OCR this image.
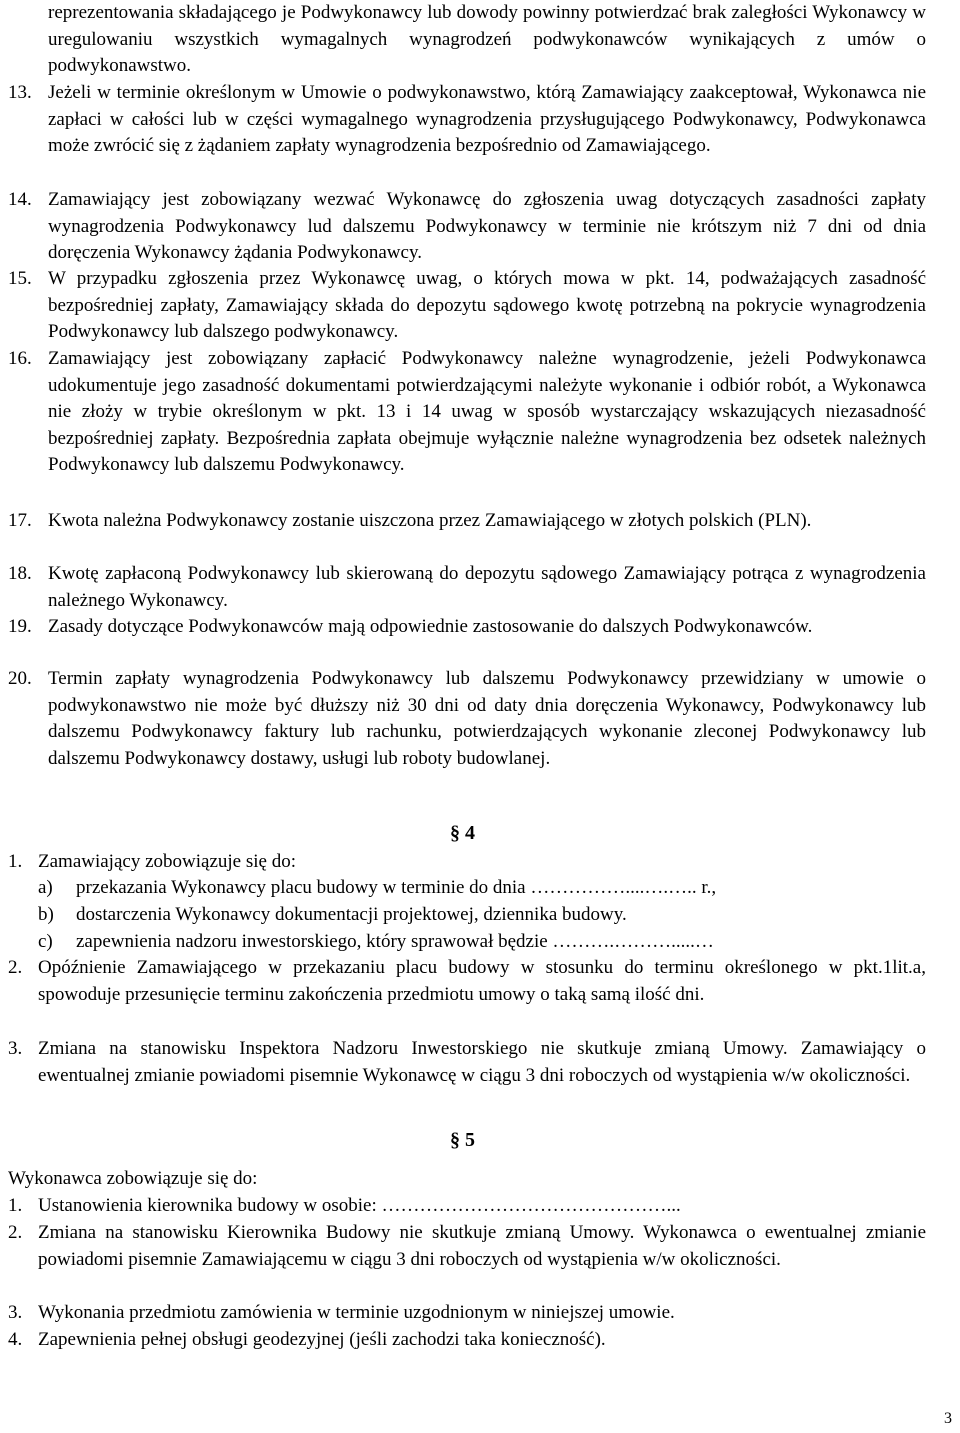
reprezentowania składającego je Podwykonawcy lub dowody powinny potwierdzać brak zaległości Wykonawcy w uregulowaniu wszystkich wymagalnych wynagrodzeń podwykonawców wynikających z umów o podwykonawstwo.
13. Jeżeli w terminie określonym w Umowie o podwykonawstwo, którą Zamawiający zaakceptował, Wykonawca nie zapłaci w całości lub w części wymagalnego wynagrodzenia przysługującego Podwykonawcy, Podwykonawca może zwrócić się z żądaniem zapłaty wynagrodzenia bezpośrednio od Zamawiającego.
14. Zamawiający jest zobowiązany wezwać Wykonawcę do zgłoszenia uwag dotyczących zasadności zapłaty wynagrodzenia Podwykonawcy lud dalszemu Podwykonawcy w terminie nie krótszym niż 7 dni od dnia doręczenia Wykonawcy żądania Podwykonawcy.
15. W przypadku zgłoszenia przez Wykonawcę uwag, o których mowa w pkt. 14, podważających zasadność bezpośredniej zapłaty, Zamawiający składa do depozytu sądowego kwotę potrzebną na pokrycie wynagrodzenia Podwykonawcy lub dalszego podwykonawcy.
16. Zamawiający jest zobowiązany zapłacić Podwykonawcy należne wynagrodzenie, jeżeli Podwykonawca udokumentuje jego zasadność dokumentami potwierdzającymi należyte wykonanie i odbiór robót, a Wykonawca nie złoży w trybie określonym w pkt. 13 i 14 uwag w sposób wystarczający wskazujących niezasadność bezpośredniej zapłaty. Bezpośrednia zapłata obejmuje wyłącznie należne wynagrodzenia bez odsetek należnych Podwykonawcy lub dalszemu Podwykonawcy.
17. Kwota należna Podwykonawcy zostanie uiszczona przez Zamawiającego w złotych polskich (PLN).
18. Kwotę zapłaconą Podwykonawcy lub skierowaną do depozytu sądowego Zamawiający potrąca z wynagrodzenia należnego Wykonawcy.
19. Zasady dotyczące Podwykonawców mają odpowiednie zastosowanie do dalszych Podwykonawców.
20. Termin zapłaty wynagrodzenia Podwykonawcy lub dalszemu Podwykonawcy przewidziany w umowie o podwykonawstwo nie może być dłuższy niż 30 dni od daty dnia doręczenia Wykonawcy, Podwykonawcy lub dalszemu Podwykonawcy faktury lub rachunku, potwierdzających wykonanie zleconej Podwykonawcy lub dalszemu Podwykonawcy dostawy, usługi lub roboty budowlanej.
§ 4
1. Zamawiający zobowiązuje się do:
a) przekazania Wykonawcy placu budowy w terminie do dnia ……………....….….. r.,
b) dostarczenia Wykonawcy dokumentacji projektowej, dziennika budowy.
c) zapewnienia nadzoru inwestorskiego, który sprawował będzie ……….……….....…
2. Opóźnienie Zamawiającego w przekazaniu placu budowy w stosunku do terminu określonego w pkt.1lit.a, spowoduje przesunięcie terminu zakończenia przedmiotu umowy o taką samą ilość dni.
3. Zmiana na stanowisku Inspektora Nadzoru Inwestorskiego nie skutkuje zmianą Umowy. Zamawiający o ewentualnej zmianie powiadomi pisemnie Wykonawcę w ciągu 3 dni roboczych od wystąpienia w/w okoliczności.
§ 5
Wykonawca zobowiązuje się do:
1. Ustanowienia kierownika budowy w osobie: ………………………………………...
2. Zmiana na stanowisku Kierownika Budowy nie skutkuje zmianą Umowy. Wykonawca o ewentualnej zmianie powiadomi pisemnie Zamawiającemu w ciągu 3 dni roboczych od wystąpienia w/w okoliczności.
3. Wykonania przedmiotu zamówienia w terminie uzgodnionym w niniejszej umowie.
4. Zapewnienia pełnej obsługi geodezyjnej (jeśli zachodzi taka konieczność).
3
